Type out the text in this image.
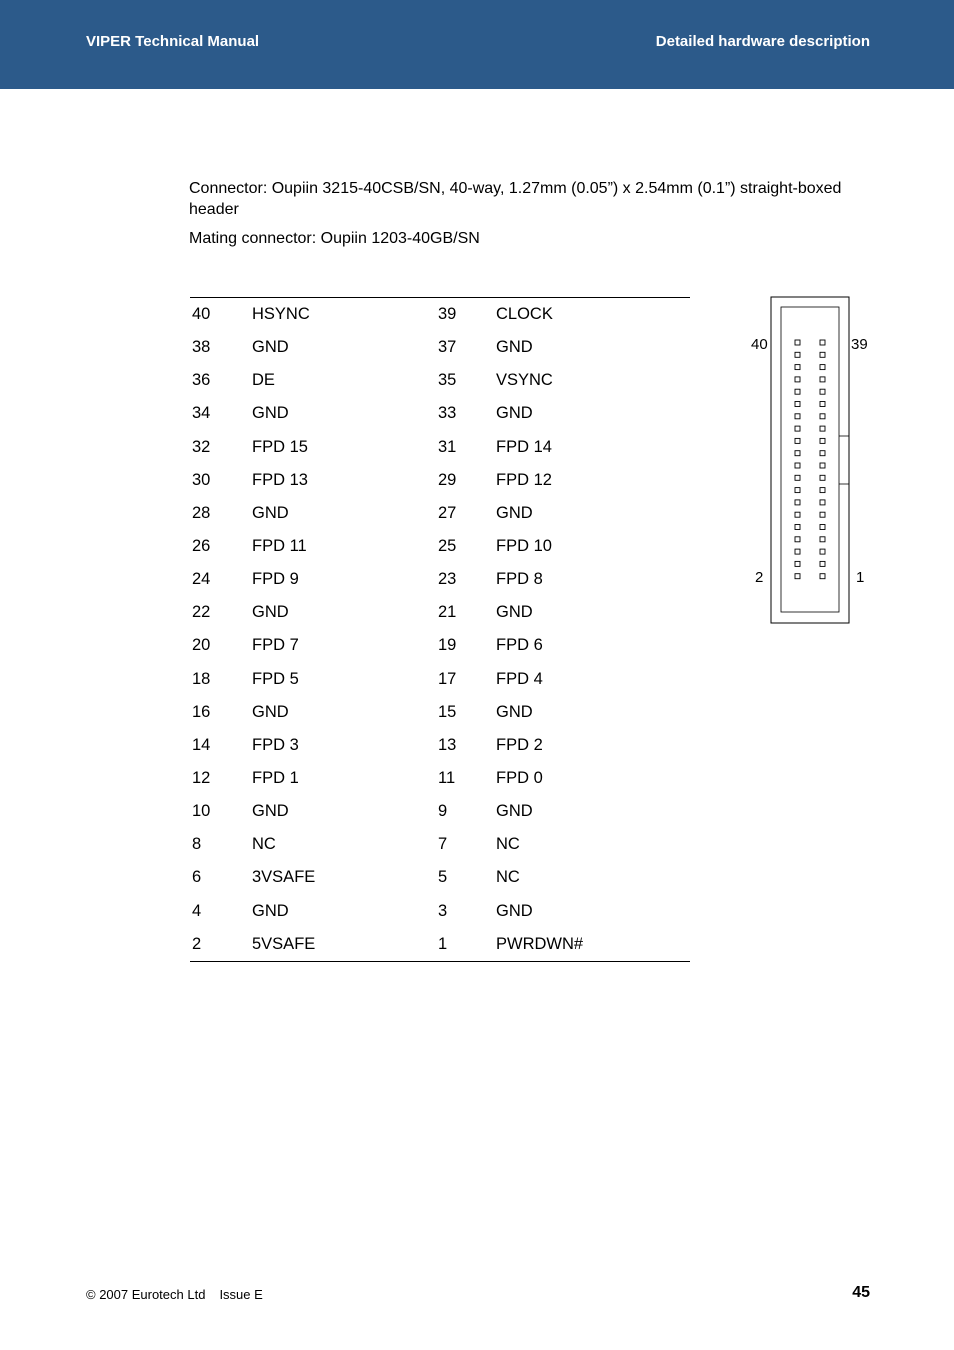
VIPER Technical Manual	Detailed hardware description
Connector: Oupiin 3215-40CSB/SN, 40-way, 1.27mm (0.05”) x 2.54mm (0.1”) straight-boxed header
Mating connector: Oupiin 1203-40GB/SN
40	HSYNC	39	CLOCK
38	GND	37	GND
36	DE	35	VSYNC
34	GND	33	GND
32	FPD 15	31	FPD 14
30	FPD 13	29	FPD 12
28	GND	27	GND
26	FPD 11	25	FPD 10
24	FPD 9	23	FPD 8
22	GND	21	GND
20	FPD 7	19	FPD 6
18	FPD 5	17	FPD 4
16	GND	15	GND
14	FPD 3	13	FPD 2
12	FPD 1	11	FPD 0
10	GND	9	GND
8	NC	7	NC
6	3VSAFE	5	NC
4	GND	3	GND
2	5VSAFE	1	PWRDWN#
40	39
2	1
© 2007 Eurotech Ltd Issue E	45
